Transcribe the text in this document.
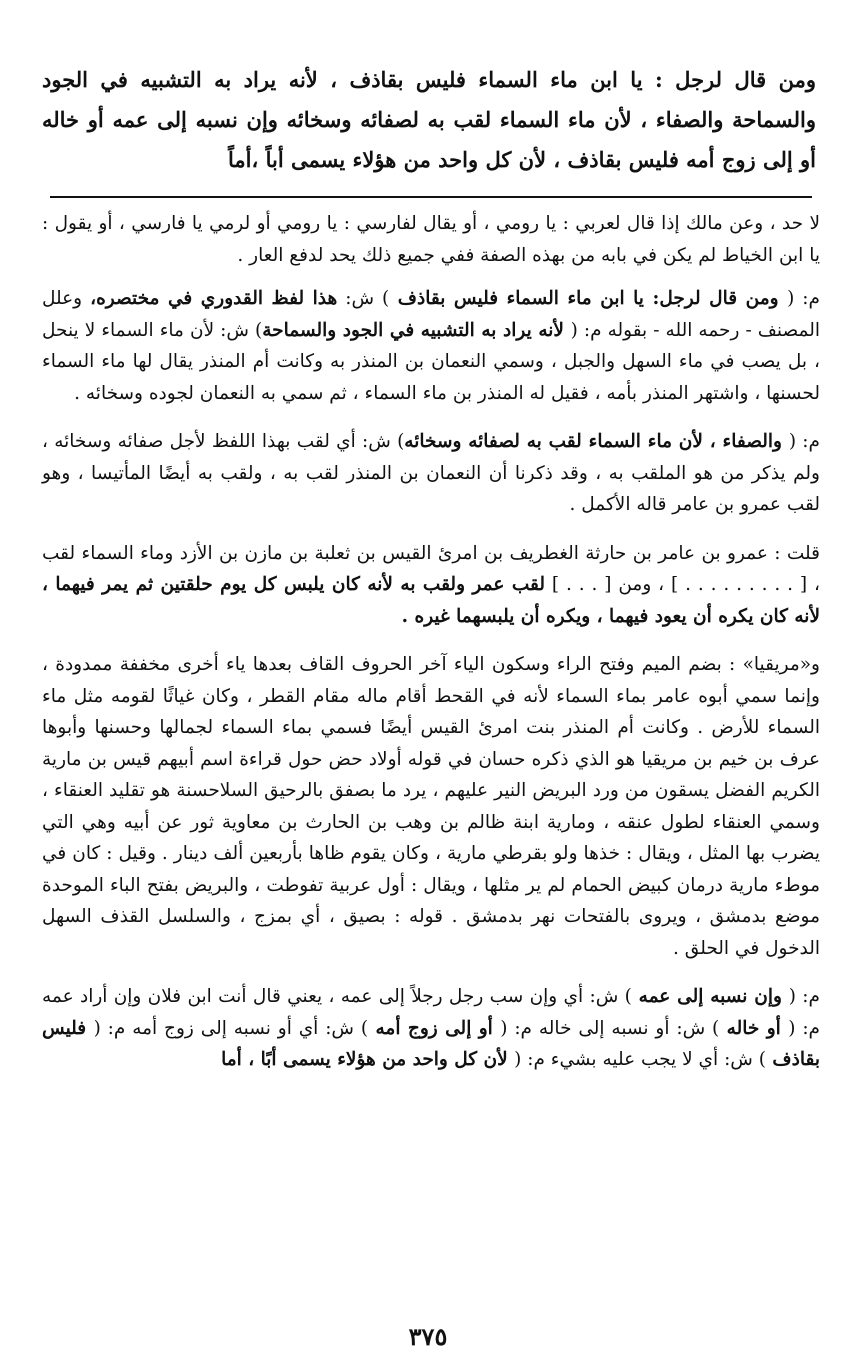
ومن قال لرجل : يا ابن ماء السماء فليس بقاذف ، لأنه يراد به التشبيه في الجود والسماحة والصفاء ، لأن ماء السماء لقب به لصفائه وسخائه وإن نسبه إلى عمه أو خاله أو إلى زوج أمه فليس بقاذف ، لأن كل واحد من هؤلاء يسمى أباً ،أماً

لا حد ، وعن مالك إذا قال لعربي : يا رومي ، أو يقال لفارسي : يا رومي أو لرمي يا فارسي ، أو يقول : يا ابن الخياط لم يكن في بابه من بهذه الصفة ففي جميع ذلك يحد لدفع العار .

م: ( ومن قال لرجل: يا ابن ماء السماء فليس بقاذف ) ش: هذا لفظ القدوري في مختصره، وعلل المصنف - رحمه الله - بقوله م: ( لأنه يراد به التشبيه في الجود والسماحة) ش: لأن ماء السماء لا ينحل ، بل يصب في ماء السهل والجبل ، وسمي النعمان بن المنذر به وكانت أم المنذر يقال لها ماء السماء لحسنها ، واشتهر المنذر بأمه ، فقيل له المنذر بن ماء السماء ، ثم سمي به النعمان لجوده وسخائه .

م: ( والصفاء ، لأن ماء السماء لقب به لصفائه وسخائه) ش: أي لقب بهذا اللفظ لأجل صفائه وسخائه ، ولم يذكر من هو الملقب به ، وقد ذكرنا أن النعمان بن المنذر لقب به ، ولقب به أيضًا المأتيسا ، وهو لقب عمرو بن عامر قاله الأكمل .

قلت : عمرو بن عامر بن حارثة الغطريف بن امرئ القيس بن ثعلبة بن مازن بن الأزد وماء السماء لقب ، [ . . . . . . . . . ] ، ومن [ . . . ] لقب عمر ولقب به لأنه كان يلبس كل يوم حلقتين ثم يمر فيهما ، لأنه كان يكره أن يعود فيهما ، ويكره أن يلبسهما غيره .

و«مريقيا» : بضم الميم وفتح الراء وسكون الياء آخر الحروف القاف بعدها ياء أخرى مخففة ممدودة ، وإنما سمي أبوه عامر بماء السماء لأنه في القحط أقام ماله مقام القطر ، وكان غياثًا لقومه مثل ماء السماء للأرض . وكانت أم المنذر بنت امرئ القيس أيضًا فسمي بماء السماء لجمالها وحسنها وأبوها عرف بن خيم بن مريقيا هو الذي ذكره حسان في قوله أولاد حض حول قراءة اسم أبيهم قيس بن مارية الكريم الفضل يسقون من ورد البريض النير عليهم ، يرد ما بصفق بالرحيق السلاحسنة هو تقليد العنقاء ، وسمي العنقاء لطول عنقه ، ومارية ابنة ظالم بن وهب بن الحارث بن معاوية ثور عن أبيه وهي التي يضرب بها المثل ، ويقال : خذها ولو بقرطي مارية ، وكان يقوم ظاها بأربعين ألف دينار . وقيل : كان في موطء مارية درمان كبيض الحمام لم ير مثلها ، ويقال : أول عربية تفوطت ، والبريض بفتح الباء الموحدة موضع بدمشق ، ويروى بالفتحات نهر بدمشق . قوله : بصيق ، أي بمزج ، والسلسل القذف السهل الدخول في الحلق .

م: ( وإن نسبه إلى عمه ) ش: أي وإن سب رجل رجلاً إلى عمه ، يعني قال أنت ابن فلان وإن أراد عمه م: ( أو خاله ) ش: أو نسبه إلى خاله م: ( أو إلى زوج أمه ) ش: أي أو نسبه إلى زوج أمه م: ( فليس بقاذف ) ش: أي لا يجب عليه بشيء م: ( لأن كل واحد من هؤلاء يسمى أبًا ، أما

٣٧٥
